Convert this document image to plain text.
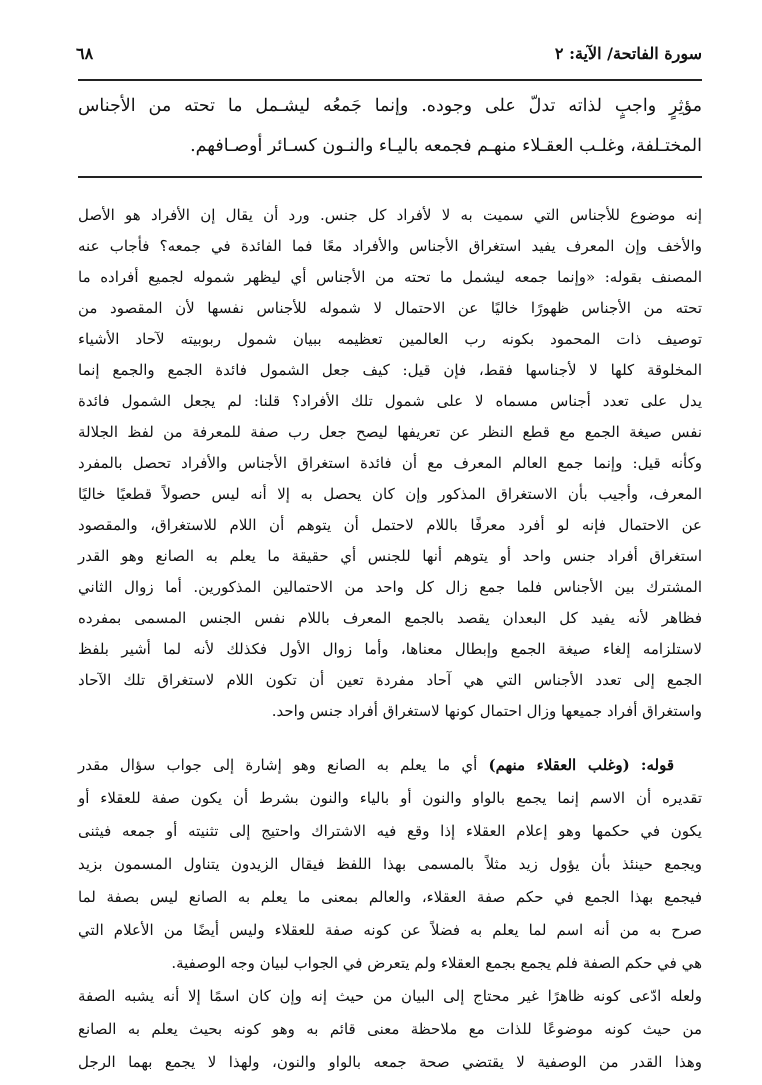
سورة الفاتحة/ الآية: ٢
٦٨
مؤثِرٍ واجبٍ لذاته تدلّ على وجوده. وإنما جَمعُه ليشـمل ما تحته من الأجناس
المختـلفة، وغلـب العقـلاء منهـم فجمعه باليـاء والنـون كسـائر أوصـافهم.
إنه موضوع للأجناس التي سميت به لا لأفراد كل جنس. ورد أن يقال إن الأفراد هو الأصل
والأخف وإن المعرف يفيد استغراق الأجناس والأفراد معًا فما الفائدة في جمعه؟ فأجاب عنه
المصنف بقوله: «وإنما جمعه ليشمل ما تحته من الأجناس أي ليظهر شموله لجميع أفراده ما
تحته من الأجناس ظهورًا خاليًا عن الاحتمال لا شموله للأجناس نفسها لأن المقصود من
توصيف ذات المحمود بكونه رب العالمين تعظيمه ببيان شمول ربوبيته لآحاد الأشياء
المخلوقة كلها لا لأجناسها فقط، فإن قيل: كيف جعل الشمول فائدة الجمع والجمع إنما
يدل على تعدد أجناس مسماه لا على شمول تلك الأفراد؟ قلنا: لم يجعل الشمول فائدة
نفس صيغة الجمع مع قطع النظر عن تعريفها ليصح جعل رب صفة للمعرفة من لفظ الجلالة
وكأنه قيل: وإنما جمع العالم المعرف مع أن فائدة استغراق الأجناس والأفراد تحصل بالمفرد
المعرف، وأجيب بأن الاستغراق المذكور وإن كان يحصل به إلا أنه ليس حصولاً قطعيًا خاليًا
عن الاحتمال فإنه لو أفرد معرفًا باللام لاحتمل أن يتوهم أن اللام للاستغراق، والمقصود
استغراق أفراد جنس واحد أو يتوهم أنها للجنس أي حقيقة ما يعلم به الصانع وهو القدر
المشترك بين الأجناس فلما جمع زال كل واحد من الاحتمالين المذكورين. أما زوال الثاني
فظاهر لأنه يفيد كل البعدان يقصد بالجمع المعرف باللام نفس الجنس المسمى بمفرده
لاستلزامه إلغاء صيغة الجمع وإبطال معناها، وأما زوال الأول فكذلك لأنه لما أشير بلفظ
الجمع إلى تعدد الأجناس التي هي آحاد مفردة تعين أن تكون اللام لاستغراق تلك الآحاد
واستغراق أفراد جميعها وزال احتمال كونها لاستغراق أفراد جنس واحد.
قوله: (وغلب العقلاء منهم) أي ما يعلم به الصانع وهو إشارة إلى جواب سؤال مقدر
تقديره أن الاسم إنما يجمع بالواو والنون أو بالياء والنون بشرط أن يكون صفة للعقلاء أو
يكون في حكمها وهو إعلام العقلاء إذا وقع فيه الاشتراك واحتيج إلى تثنيته أو جمعه فيثنى
ويجمع حينئذ بأن يؤول زيد مثلاً بالمسمى بهذا اللفظ فيقال الزيدون يتناول المسمون بزيد
فيجمع بهذا الجمع في حكم صفة العقلاء، والعالم بمعنى ما يعلم به الصانع ليس بصفة لما
صرح به من أنه اسم لما يعلم به فضلاً عن كونه صفة للعقلاء وليس أيضًا من الأعلام التي
هي في حكم الصفة فلم يجمع بجمع العقلاء ولم يتعرض في الجواب لبيان وجه الوصفية.
ولعله ادّعى كونه ظاهرًا غير محتاج إلى البيان من حيث إنه وإن كان اسمًا إلا أنه يشبه الصفة
من حيث كونه موضوعًا للذات مع ملاحظة معنى قائم به وهو كونه بحيث يعلم به الصانع
وهذا القدر من الوصفية لا يقتضي صحة جمعه بالواو والنون، ولهذا لا يجمع بهما الرجل
